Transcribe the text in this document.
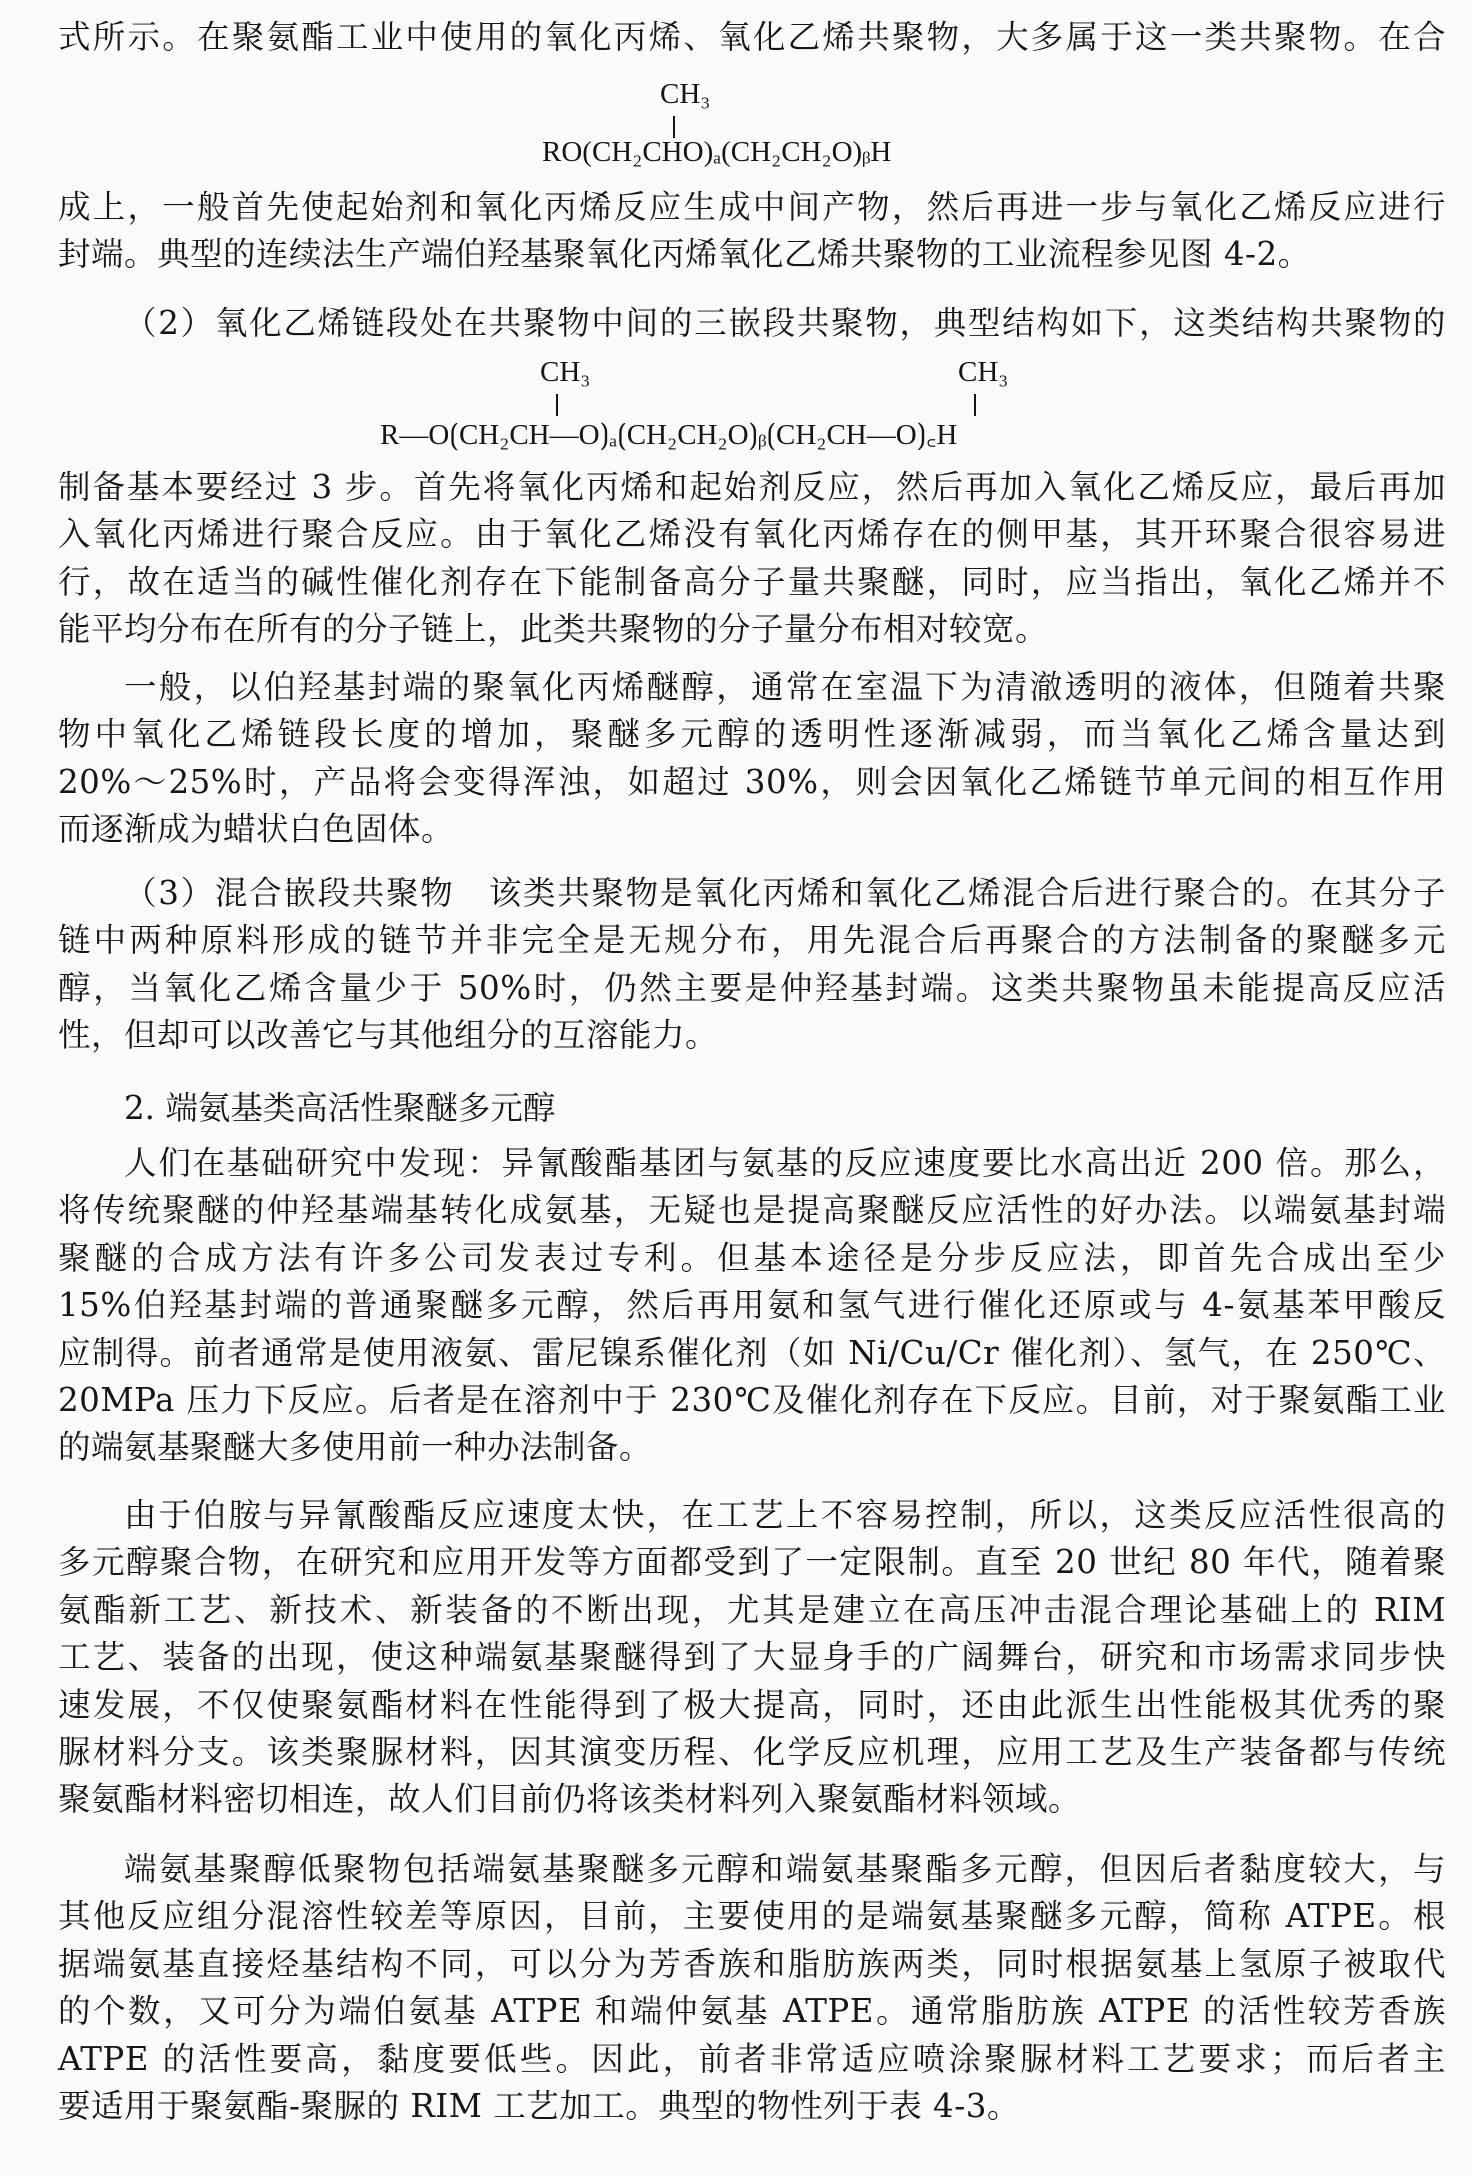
式所示。在聚氨酯工业中使用的氧化丙烯、氧化乙烯共聚物，大多属于这一类共聚物。在合
CH₃
RO(CH₂CHO)ₐ(CH₂CH₂O)ᵦH
成上，一般首先使起始剂和氧化丙烯反应生成中间产物，然后再进一步与氧化乙烯反应进行
封端。典型的连续法生产端伯羟基聚氧化丙烯氧化乙烯共聚物的工业流程参见图 4-2。
（2）氧化乙烯链段处在共聚物中间的三嵌段共聚物，典型结构如下，这类结构共聚物的
CH₃	CH₃
R—O⟮CH₂CH—O⟯ₐ⟮CH₂CH₂O⟯ᵦ⟮CH₂CH—O⟯꜀H
制备基本要经过 3 步。首先将氧化丙烯和起始剂反应，然后再加入氧化乙烯反应，最后再加
入氧化丙烯进行聚合反应。由于氧化乙烯没有氧化丙烯存在的侧甲基，其开环聚合很容易进
行，故在适当的碱性催化剂存在下能制备高分子量共聚醚，同时，应当指出，氧化乙烯并不
能平均分布在所有的分子链上，此类共聚物的分子量分布相对较宽。
一般，以伯羟基封端的聚氧化丙烯醚醇，通常在室温下为清澈透明的液体，但随着共聚
物中氧化乙烯链段长度的增加，聚醚多元醇的透明性逐渐减弱，而当氧化乙烯含量达到
20%～25%时，产品将会变得浑浊，如超过 30%，则会因氧化乙烯链节单元间的相互作用
而逐渐成为蜡状白色固体。
（3）混合嵌段共聚物　该类共聚物是氧化丙烯和氧化乙烯混合后进行聚合的。在其分子
链中两种原料形成的链节并非完全是无规分布，用先混合后再聚合的方法制备的聚醚多元
醇，当氧化乙烯含量少于 50%时，仍然主要是仲羟基封端。这类共聚物虽未能提高反应活
性，但却可以改善它与其他组分的互溶能力。
2. 端氨基类高活性聚醚多元醇
人们在基础研究中发现：异氰酸酯基团与氨基的反应速度要比水高出近 200 倍。那么，
将传统聚醚的仲羟基端基转化成氨基，无疑也是提高聚醚反应活性的好办法。以端氨基封端
聚醚的合成方法有许多公司发表过专利。但基本途径是分步反应法，即首先合成出至少
15%伯羟基封端的普通聚醚多元醇，然后再用氨和氢气进行催化还原或与 4-氨基苯甲酸反
应制得。前者通常是使用液氨、雷尼镍系催化剂（如 Ni/Cu/Cr 催化剂）、氢气，在 250℃、
20MPa 压力下反应。后者是在溶剂中于 230℃及催化剂存在下反应。目前，对于聚氨酯工业
的端氨基聚醚大多使用前一种办法制备。
由于伯胺与异氰酸酯反应速度太快，在工艺上不容易控制，所以，这类反应活性很高的
多元醇聚合物，在研究和应用开发等方面都受到了一定限制。直至 20 世纪 80 年代，随着聚
氨酯新工艺、新技术、新装备的不断出现，尤其是建立在高压冲击混合理论基础上的 RIM
工艺、装备的出现，使这种端氨基聚醚得到了大显身手的广阔舞台，研究和市场需求同步快
速发展，不仅使聚氨酯材料在性能得到了极大提高，同时，还由此派生出性能极其优秀的聚
脲材料分支。该类聚脲材料，因其演变历程、化学反应机理，应用工艺及生产装备都与传统
聚氨酯材料密切相连，故人们目前仍将该类材料列入聚氨酯材料领域。
端氨基聚醇低聚物包括端氨基聚醚多元醇和端氨基聚酯多元醇，但因后者黏度较大，与
其他反应组分混溶性较差等原因，目前，主要使用的是端氨基聚醚多元醇，简称 ATPE。根
据端氨基直接烃基结构不同，可以分为芳香族和脂肪族两类，同时根据氨基上氢原子被取代
的个数，又可分为端伯氨基 ATPE 和端仲氨基 ATPE。通常脂肪族 ATPE 的活性较芳香族
ATPE 的活性要高，黏度要低些。因此，前者非常适应喷涂聚脲材料工艺要求；而后者主
要适用于聚氨酯-聚脲的 RIM 工艺加工。典型的物性列于表 4-3。
